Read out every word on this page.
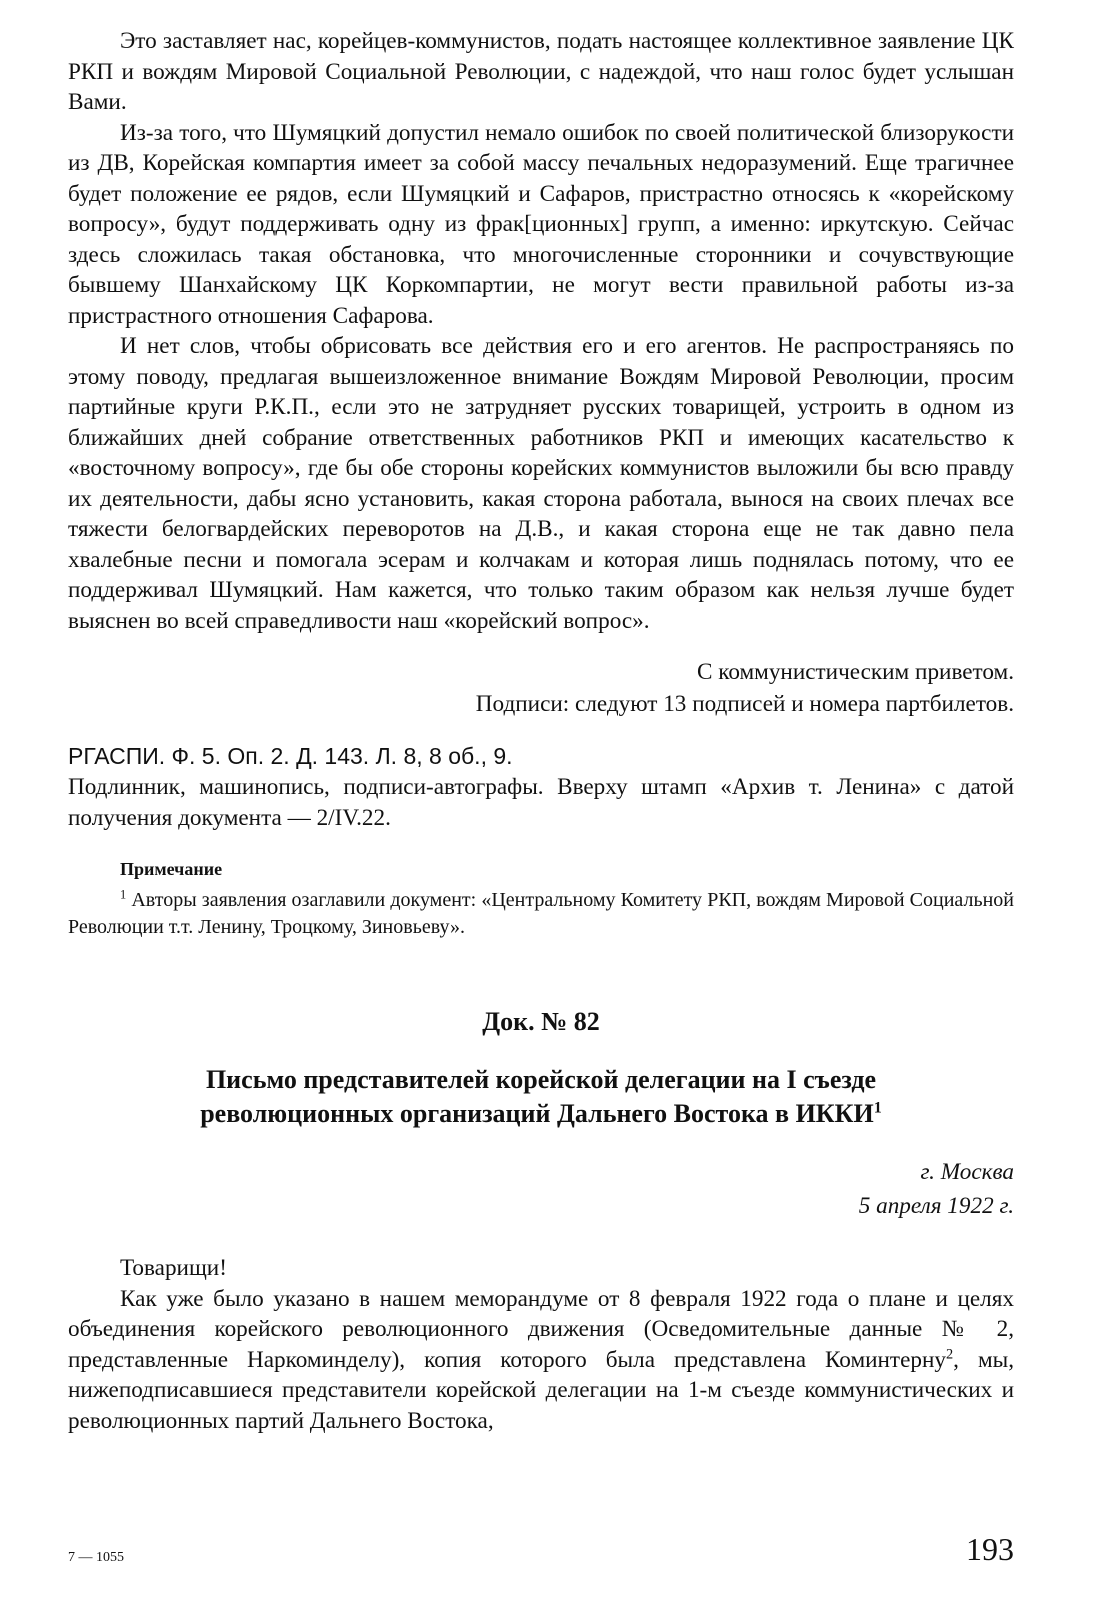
Это заставляет нас, корейцев-коммунистов, подать настоящее коллективное заявление ЦК РКП и вождям Мировой Социальной Революции, с надеждой, что наш голос будет услышан Вами.

Из-за того, что Шумяцкий допустил немало ошибок по своей политической близорукости из ДВ, Корейская компартия имеет за собой массу печальных недоразумений. Еще трагичнее будет положение ее рядов, если Шумяцкий и Сафаров, пристрастно относясь к «корейскому вопросу», будут поддерживать одну из фрак[ционных] групп, а именно: иркутскую. Сейчас здесь сложилась такая обстановка, что многочисленные сторонники и сочувствующие бывшему Шанхайскому ЦК Коркомпартии, не могут вести правильной работы из-за пристрастного отношения Сафарова.

И нет слов, чтобы обрисовать все действия его и его агентов. Не распространяясь по этому поводу, предлагая вышеизложенное внимание Вождям Мировой Революции, просим партийные круги Р.К.П., если это не затрудняет русских товарищей, устроить в одном из ближайших дней собрание ответственных работников РКП и имеющих касательство к «восточному вопросу», где бы обе стороны корейских коммунистов выложили бы всю правду их деятельности, дабы ясно установить, какая сторона работала, вынося на своих плечах все тяжести белогвардейских переворотов на Д.В., и какая сторона еще не так давно пела хвалебные песни и помогала эсерам и колчакам и которая лишь поднялась потому, что ее поддерживал Шумяцкий. Нам кажется, что только таким образом как нельзя лучше будет выяснен во всей справедливости наш «корейский вопрос».

С коммунистическим приветом.
Подписи: следуют 13 подписей и номера партбилетов.
РГАСПИ. Ф. 5. Оп. 2. Д. 143. Л. 8, 8 об., 9.
Подлинник, машинопись, подписи-автографы. Вверху штамп «Архив т. Ленина» с датой получения документа — 2/IV.22.
Примечание
$^1$ Авторы заявления озаглавили документ: «Центральному Комитету РКП, вождям Мировой Социальной Революции т.т. Ленину, Троцкому, Зиновьеву».
Док. № 82
Письмо представителей корейской делегации на I съезде
революционных организаций Дальнего Востока в ИККИ$^1$
г. Москва
5 апреля 1922 г.
Товарищи!

Как уже было указано в нашем меморандуме от 8 февраля 1922 года о плане и целях объединения корейского революционного движения (Осведомительные данные № 2, представленные Наркоминделу), копия которого была представлена Коминтерну$^2$, мы, нижеподписавшиеся представители корейской делегации на 1-м съезде коммунистических и революционных партий Дальнего Востока,

7 — 1055	193
